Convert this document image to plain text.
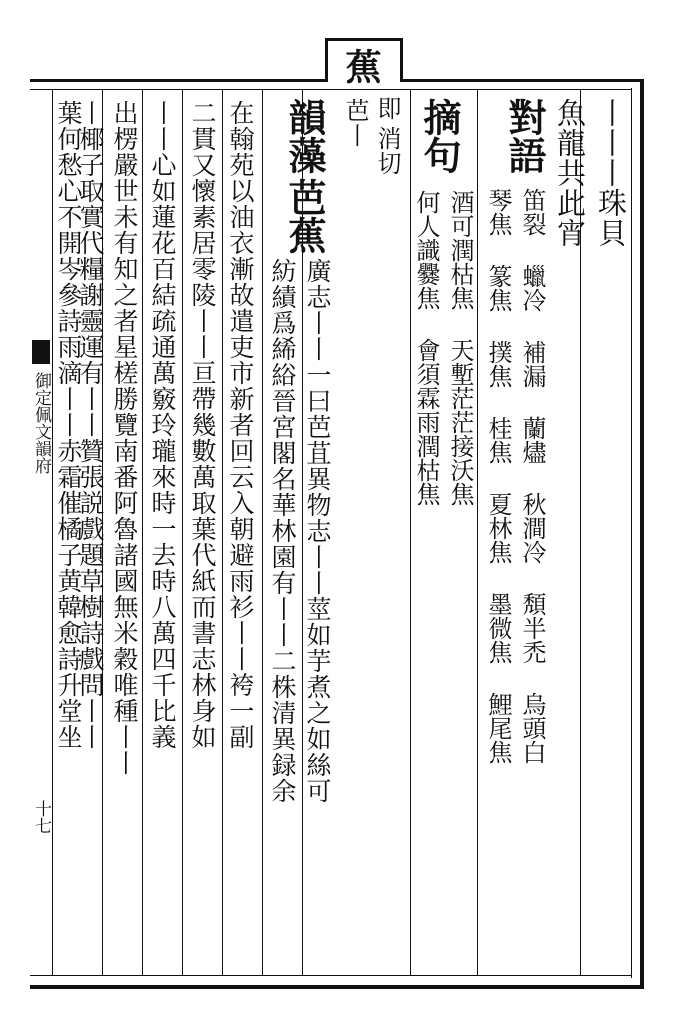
蕉
芭丨 即
消切	丨丨丨珠貝
魚龍共此宵
對語
笛裂 蠟冷 補漏 蘭燼 秋澗冷 頽半禿 烏頭白
琴焦 篆焦 撲焦 桂焦 夏林焦 墨微焦 鯉尾焦
摘句
酒可潤枯焦 天塹茫茫接沃焦
何人識爨焦 會須霖雨潤枯焦
韻藻
芭蕉
廣志丨丨一曰芭苴異物志丨丨莖如芋煮之如絲可
紡績爲絺綌晉宮閣名華林園有丨丨二株清異録余
在翰苑以油衣漸故遣吏市新者回云入朝避雨衫丨丨袴一副
二貫又懷素居零陵丨丨亘帶幾數萬取葉代紙而書志林身如
丨丨心如蓮花百結疏通萬竅玲瓏來時一去時八萬四千比義
出楞嚴世未有知之者星槎勝覽南番阿魯諸國無米穀唯種丨丨
丨椰子取實代糧謝靈運有丨丨贊張説戲題草樹詩戲問丨丨
葉何愁心不開岑參詩雨滴丨丨赤霜催橘子黄韓愈詩升堂坐
御定佩文韻府
十七
